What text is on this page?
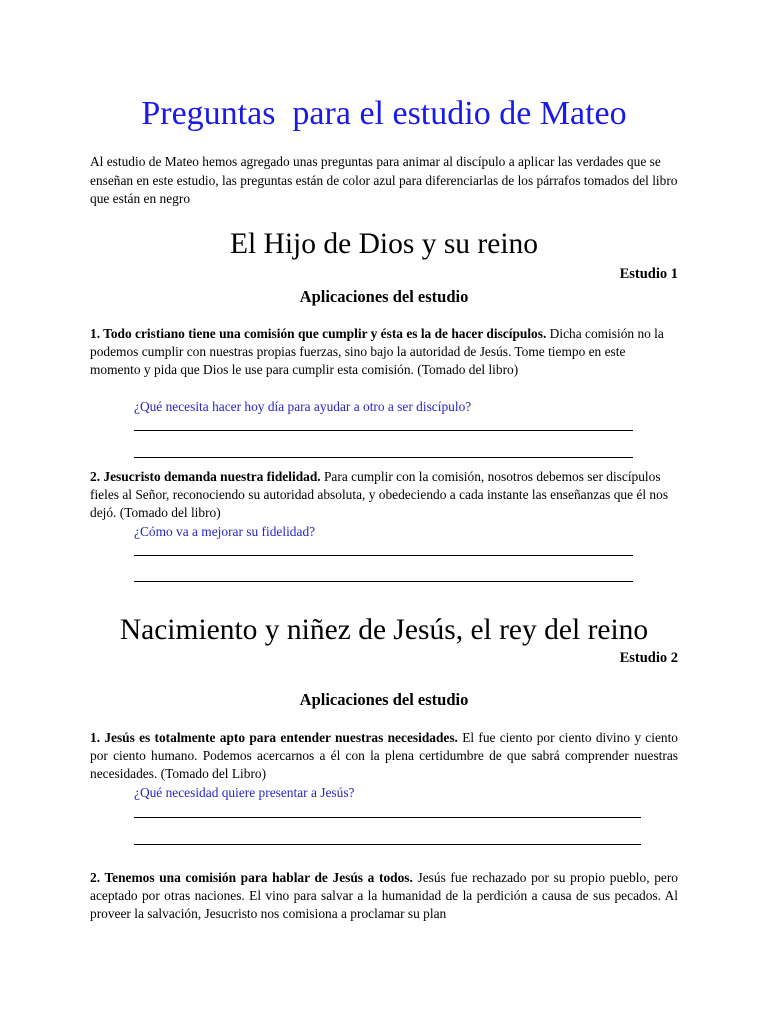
Preguntas  para el estudio de Mateo
Al estudio de Mateo hemos agregado unas preguntas para animar al discípulo a aplicar las verdades que se enseñan en este estudio, las preguntas están de color azul para diferenciarlas de los párrafos tomados del libro que están en negro
El Hijo de Dios y su reino
Estudio 1
Aplicaciones del estudio
1. Todo cristiano tiene una comisión que cumplir y ésta es la de hacer discípulos. Dicha comisión no la podemos cumplir con nuestras propias fuerzas, sino bajo la autoridad de Jesús. Tome tiempo en este momento y pida que Dios le use para cumplir esta comisión. (Tomado del libro)
¿Qué necesita hacer hoy día para ayudar a otro a ser discípulo?
2. Jesucristo demanda nuestra fidelidad. Para cumplir con la comisión, nosotros debemos ser discípulos fieles al Señor, reconociendo su autoridad absoluta, y obedeciendo a cada instante las enseñanzas que él nos dejó. (Tomado del libro)
¿Cómo va a mejorar su fidelidad?
Nacimiento y niñez de Jesús, el rey del reino
Estudio 2
Aplicaciones del estudio
1. Jesús es totalmente apto para entender nuestras necesidades. El fue ciento por ciento divino y ciento por ciento humano. Podemos acercarnos a él con la plena certidumbre de que sabrá comprender nuestras necesidades. (Tomado del Libro)
¿Qué necesidad quiere presentar a Jesús?
2. Tenemos una comisión para hablar de Jesús a todos. Jesús fue rechazado por su propio pueblo, pero aceptado por otras naciones. El vino para salvar a la humanidad de la perdición a causa de sus pecados. Al proveer la salvación, Jesucristo nos comisiona a proclamar su plan
